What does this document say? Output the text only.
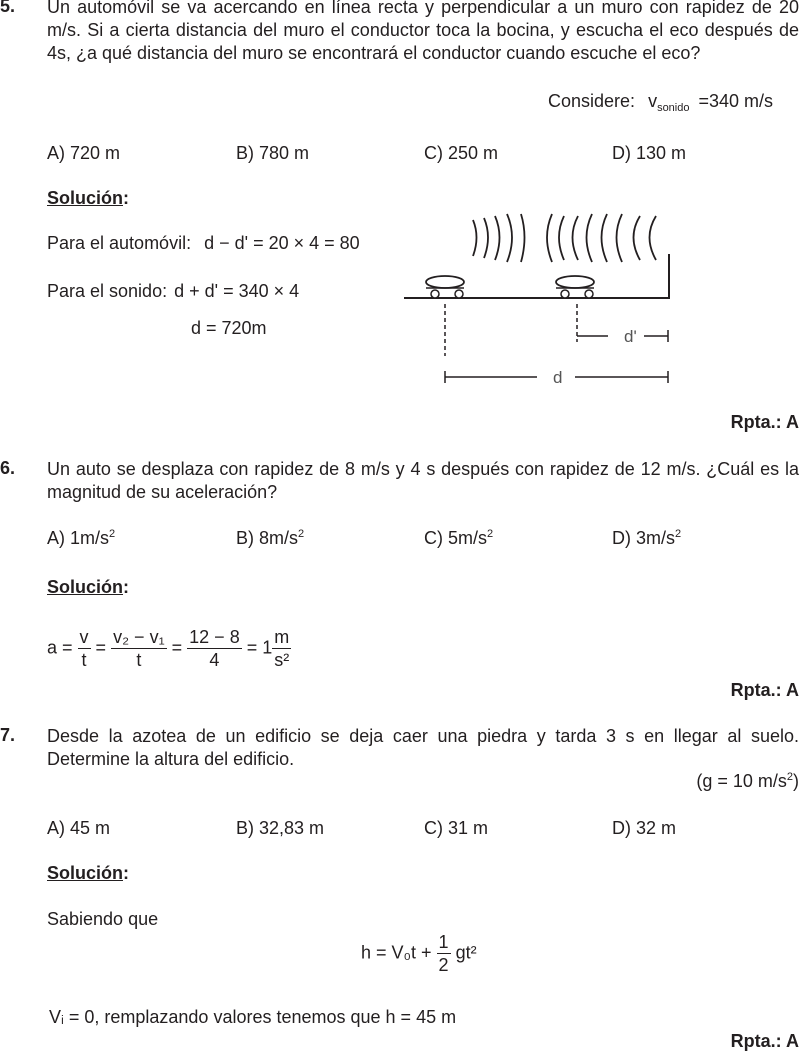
5. Un automóvil se va acercando en línea recta y perpendicular a un muro con rapidez de 20 m/s. Si a cierta distancia del muro el conductor toca la bocina, y escucha el eco después de 4s, ¿a qué distancia del muro se encontrará el conductor cuando escuche el eco?
Considere: $v_{sonido} =340$ m/s
A) 720 m	B) 780 m	C) 250 m	D) 130 m
Solución:
Para el automóvil: d − d' = 20 × 4 = 80
Para el sonido: d + d' = 340 × 4
d = 720m	d'
d
Rpta.: A
6. Un auto se desplaza con rapidez de 8 m/s y 4 s después con rapidez de 12 m/s. ¿Cuál es la magnitud de su aceleración?
A) $1m/s^2$	B) $8m/s^2$	C) $5m/s^2$	D) $3m/s^2$
Solución:
$a = \frac{v}{t} = \frac{\text{v₂ − v₁}}{t} = \frac{12 - 8}{4} = 1 \frac{m}{\text{s²}}$
Rpta.: A
7. Desde la azotea de un edificio se deja caer una piedra y tarda 3 s en llegar al suelo. Determine la altura del edificio.
(g = 10 $m/s^2$)
A) 45 m	B) 32,83 m	C) 31 m	D) 32 m
Solución:
Sabiendo que
$h = V_0t + \frac{1}{2} gt^2$
Vᵢ = 0, remplazando valores tenemos que h = 45 m
Rpta.: A
